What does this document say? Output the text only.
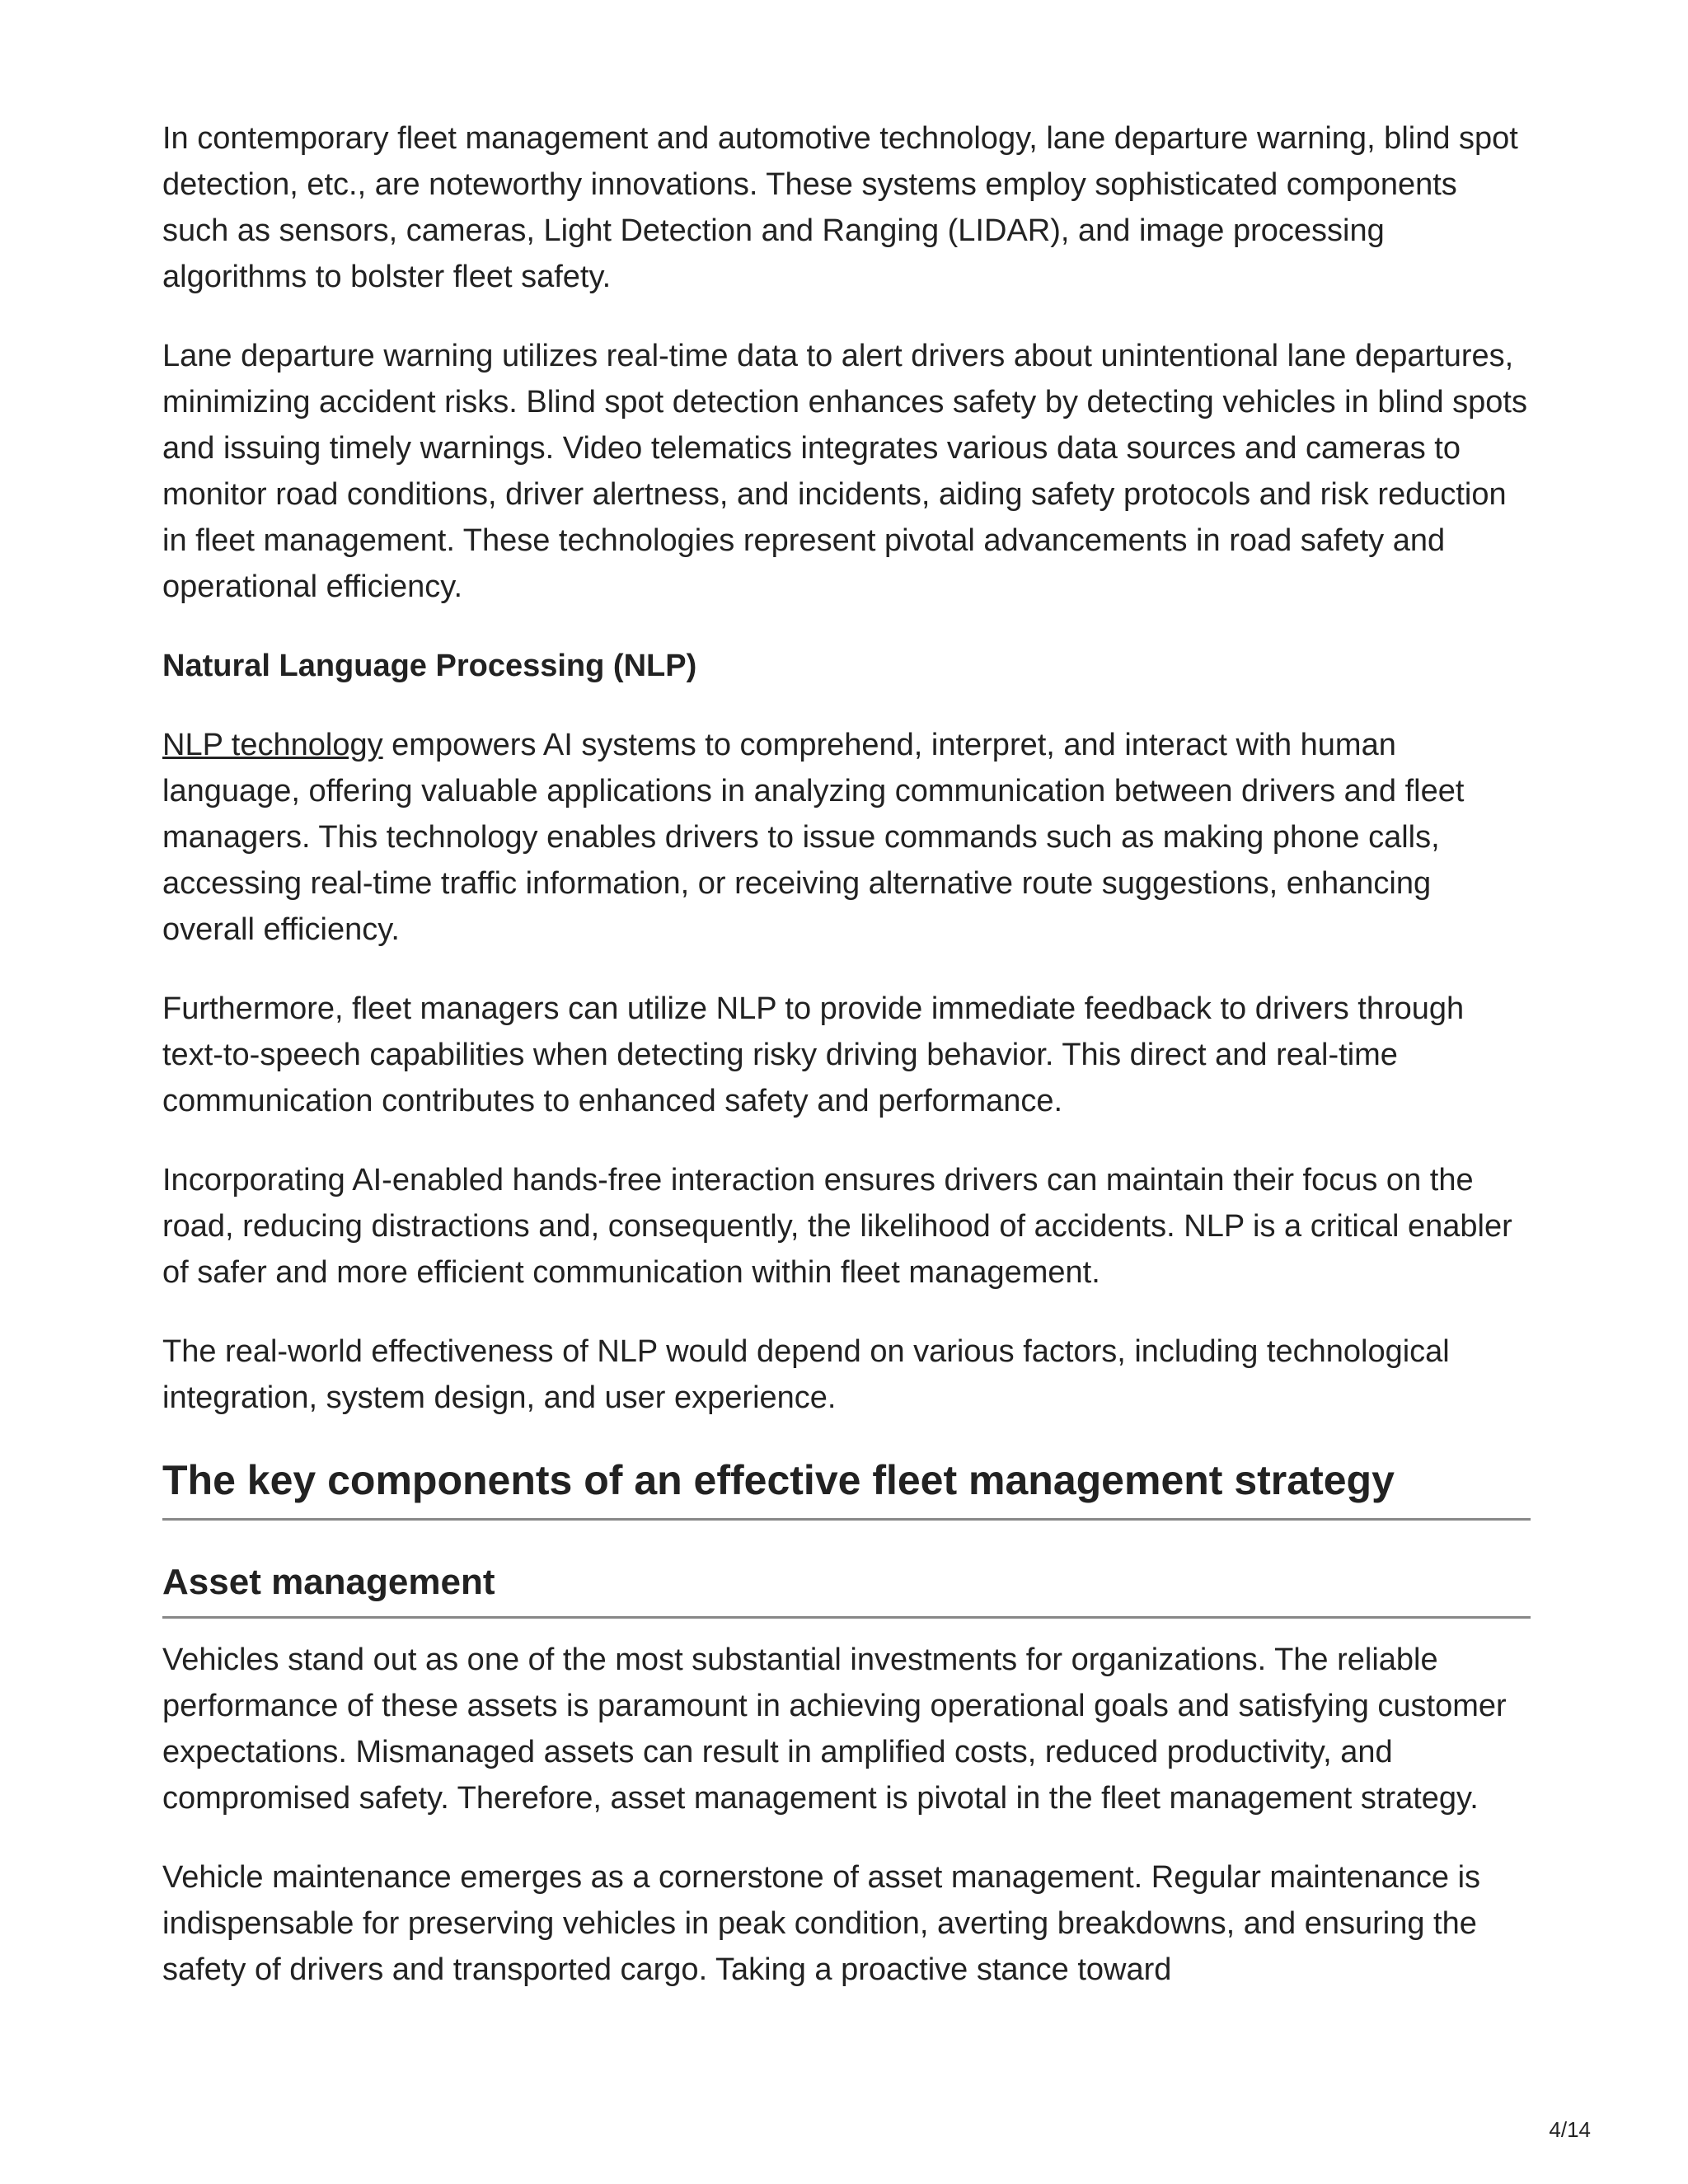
In contemporary fleet management and automotive technology, lane departure warning, blind spot detection, etc., are noteworthy innovations. These systems employ sophisticated components such as sensors, cameras, Light Detection and Ranging (LIDAR), and image processing algorithms to bolster fleet safety.

Lane departure warning utilizes real-time data to alert drivers about unintentional lane departures, minimizing accident risks. Blind spot detection enhances safety by detecting vehicles in blind spots and issuing timely warnings. Video telematics integrates various data sources and cameras to monitor road conditions, driver alertness, and incidents, aiding safety protocols and risk reduction in fleet management. These technologies represent pivotal advancements in road safety and operational efficiency.

Natural Language Processing (NLP)

NLP technology empowers AI systems to comprehend, interpret, and interact with human language, offering valuable applications in analyzing communication between drivers and fleet managers. This technology enables drivers to issue commands such as making phone calls, accessing real-time traffic information, or receiving alternative route suggestions, enhancing overall efficiency.

Furthermore, fleet managers can utilize NLP to provide immediate feedback to drivers through text-to-speech capabilities when detecting risky driving behavior. This direct and real-time communication contributes to enhanced safety and performance.

Incorporating AI-enabled hands-free interaction ensures drivers can maintain their focus on the road, reducing distractions and, consequently, the likelihood of accidents. NLP is a critical enabler of safer and more efficient communication within fleet management.

The real-world effectiveness of NLP would depend on various factors, including technological integration, system design, and user experience.

The key components of an effective fleet management strategy
Asset management

Vehicles stand out as one of the most substantial investments for organizations. The reliable performance of these assets is paramount in achieving operational goals and satisfying customer expectations. Mismanaged assets can result in amplified costs, reduced productivity, and compromised safety. Therefore, asset management is pivotal in the fleet management strategy.

Vehicle maintenance emerges as a cornerstone of asset management. Regular maintenance is indispensable for preserving vehicles in peak condition, averting breakdowns, and ensuring the safety of drivers and transported cargo. Taking a proactive stance toward

4/14
